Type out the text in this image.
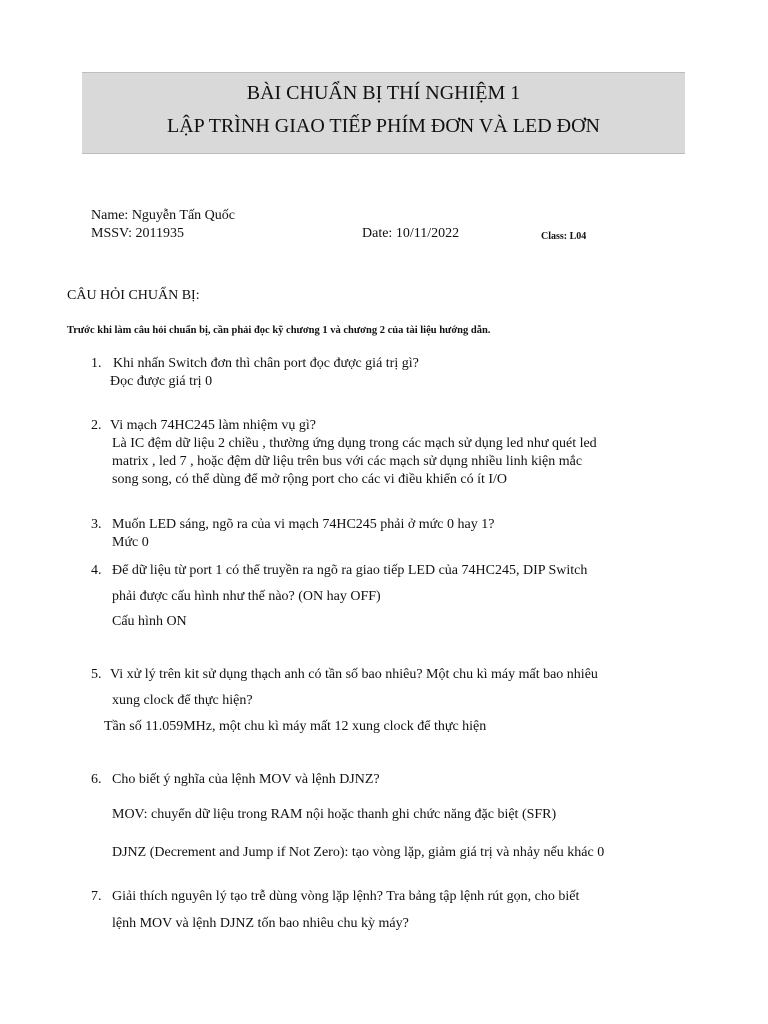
BÀI CHUẨN BỊ THÍ NGHIỆM 1
LẬP TRÌNH GIAO TIẾP PHÍM ĐƠN VÀ LED ĐƠN
Name: Nguyễn Tấn Quốc
MSSV: 2011935	Date: 10/11/2022	Class: L04
CÂU HỎI CHUẨN BỊ:
Trước khi làm câu hỏi chuẩn bị, cần phải đọc kỹ chương 1 và chương 2 của tài liệu hướng dẫn.
1. Khi nhấn Switch đơn thì chân port đọc được giá trị gì?
Đọc được giá trị 0
2. Vi mạch 74HC245 làm nhiệm vụ gì?
Là IC đệm dữ liệu 2 chiều , thường ứng dụng trong các mạch sử dụng led như quét led
matrix , led 7 , hoặc đệm dữ liệu trên bus với các mạch sử dụng nhiều linh kiện mắc
song song, có thể dùng để mở rộng port cho các vi điều khiển có ít I/O
3. Muốn LED sáng, ngõ ra của vi mạch 74HC245 phải ở mức 0 hay 1?
Mức 0
4. Để dữ liệu từ port 1 có thể truyền ra ngõ ra giao tiếp LED của 74HC245, DIP Switch
phải được cấu hình như thế nào? (ON hay OFF)
Cấu hình ON
5. Vi xử lý trên kit sử dụng thạch anh có tần số bao nhiêu? Một chu kì máy mất bao nhiêu
xung clock để thực hiện?
Tần số 11.059MHz, một chu kì máy mất 12 xung clock để thực hiện
6. Cho biết ý nghĩa của lệnh MOV và lệnh DJNZ?
MOV: chuyển dữ liệu trong RAM nội hoặc thanh ghi chức năng đặc biệt (SFR)
DJNZ (Decrement and Jump if Not Zero): tạo vòng lặp, giảm giá trị và nhảy nếu khác 0
7. Giải thích nguyên lý tạo trễ dùng vòng lặp lệnh? Tra bảng tập lệnh rút gọn, cho biết
lệnh MOV và lệnh DJNZ tốn bao nhiêu chu kỳ máy?
